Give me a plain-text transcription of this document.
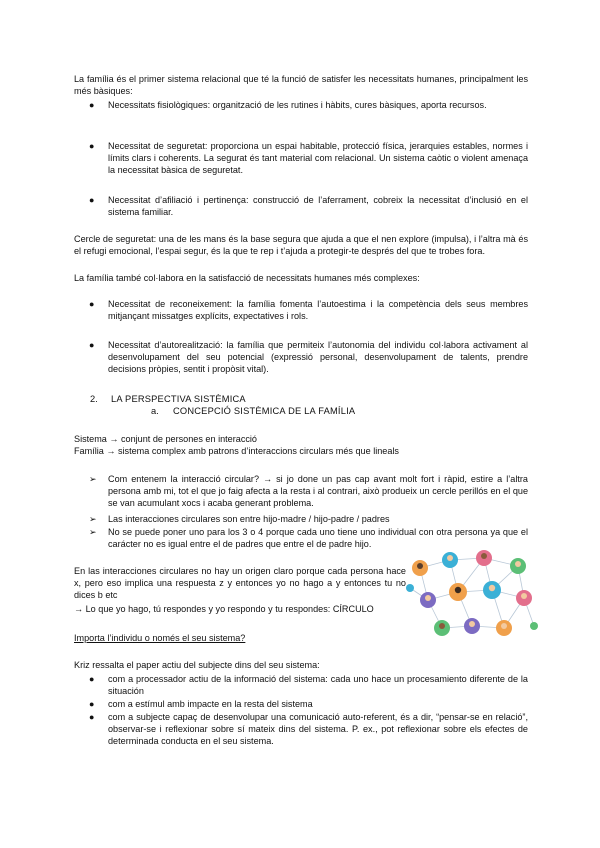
La família és el primer sistema relacional que té la funció de satisfer les necessitats humanes, principalment les més bàsiques:
● Necessitats fisiològiques: organització de les rutines i hàbits, cures bàsiques, aporta recursos.
● Necessitat de seguretat: proporciona un espai habitable, protecció física, jerarquies estables, normes i límits clars i coherents. La segurat és tant material com relacional. Un sistema caòtic o violent amenaça la necessitat bàsica de seguretat.
● Necessitat d’afiliació i pertinença: construcció de l’aferrament, cobreix la necessitat d’inclusió en el sistema familiar.
Cercle de seguretat: una de les mans és la base segura que ajuda a que el nen explore (impulsa), i l’altra mà és el refugi emocional, l’espai segur, és la que te rep i t’ajuda a protegir-te després del que te trobes fora.
La família també col·labora en la satisfacció de necessitats humanes més complexes:
● Necessitat de reconeixement: la família fomenta l’autoestima i la competència dels seus membres mitjançant missatges explícits, expectatives i rols.
● Necessitat d’autorealització: la família que permiteix l’autonomia del individu col·labora activament al desenvolupament del seu potencial (expressió personal, desenvolupament de talents, prendre decisions pròpies, sentit i propòsit vital).
2. LA PERSPECTIVA SISTÈMICA
a. CONCEPCIÓ SISTÈMICA DE LA FAMÍLIA
Sistema → conjunt de persones en interacció
Família → sistema complex amb patrons d’interaccions circulars més que lineals
➢ Com entenem la interacció circular? → si jo done un pas cap avant molt fort i ràpid, estire a l’altra persona amb mi, tot el que jo faig afecta a la resta i al contrari, això produeix un cercle perillós en el que se van acumulant xocs i acaba generant problema.
➢ Las interacciones circulares son entre hijo-madre / hijo-padre / padres
➢ No se puede poner uno para los 3 o 4 porque cada uno tiene uno individual con otra persona ya que el carácter no es igual entre el de padres que entre el de padre hijo.
En las interacciones circulares no hay un origen claro porque cada persona hace x, pero eso implica una respuesta z y entonces yo no hago a y entonces tu no dices b etc
→ Lo que yo hago, tú respondes y yo respondo y tu respondes: CÍRCULO
Importa l’individu o només el seu sistema?
Kriz ressalta el paper actiu del subjecte dins del seu sistema:
● com a processador actiu de la informació del sistema: cada uno hace un procesamiento diferente de la situación
● com a estímul amb impacte en la resta del sistema
● com a subjecte capaç de desenvolupar una comunicació auto-referent, és a dir, “pensar-se en relació”, observar-se i reflexionar sobre sí mateix dins del sistema. P. ex., pot reflexionar sobre els efectes de determinada conducta en el seu sistema.
